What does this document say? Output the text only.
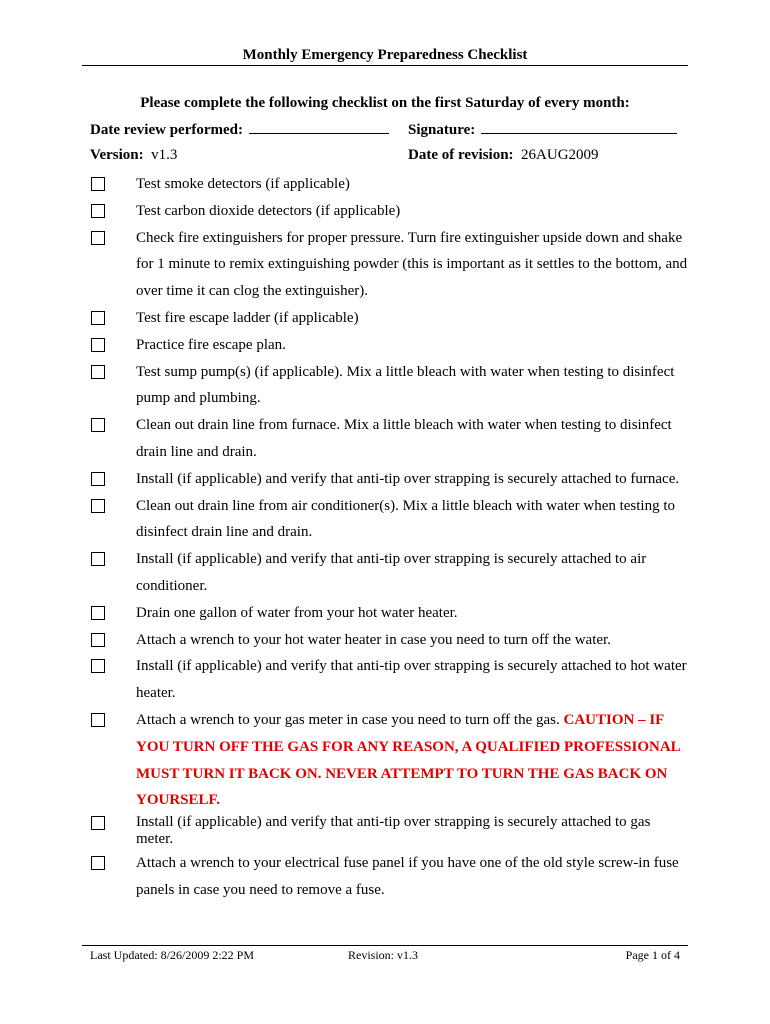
Monthly Emergency Preparedness Checklist
Please complete the following checklist on the first Saturday of every month:
Date review performed:	Signature:
Version: v1.3	Date of revision: 26AUG2009
Test smoke detectors (if applicable)
Test carbon dioxide detectors (if applicable)
Check fire extinguishers for proper pressure. Turn fire extinguisher upside down and shake for 1 minute to remix extinguishing powder (this is important as it settles to the bottom, and over time it can clog the extinguisher).
Test fire escape ladder (if applicable)
Practice fire escape plan.
Test sump pump(s) (if applicable). Mix a little bleach with water when testing to disinfect pump and plumbing.
Clean out drain line from furnace. Mix a little bleach with water when testing to disinfect drain line and drain.
Install (if applicable) and verify that anti-tip over strapping is securely attached to furnace.
Clean out drain line from air conditioner(s). Mix a little bleach with water when testing to disinfect drain line and drain.
Install (if applicable) and verify that anti-tip over strapping is securely attached to air conditioner.
Drain one gallon of water from your hot water heater.
Attach a wrench to your hot water heater in case you need to turn off the water.
Install (if applicable) and verify that anti-tip over strapping is securely attached to hot water heater.
Attach a wrench to your gas meter in case you need to turn off the gas. CAUTION – IF YOU TURN OFF THE GAS FOR ANY REASON, A QUALIFIED PROFESSIONAL MUST TURN IT BACK ON. NEVER ATTEMPT TO TURN THE GAS BACK ON YOURSELF.
Install (if applicable) and verify that anti-tip over strapping is securely attached to gas meter.
Attach a wrench to your electrical fuse panel if you have one of the old style screw-in fuse panels in case you need to remove a fuse.
Last Updated: 8/26/2009 2:22 PM	Revision: v1.3	Page 1 of 4
